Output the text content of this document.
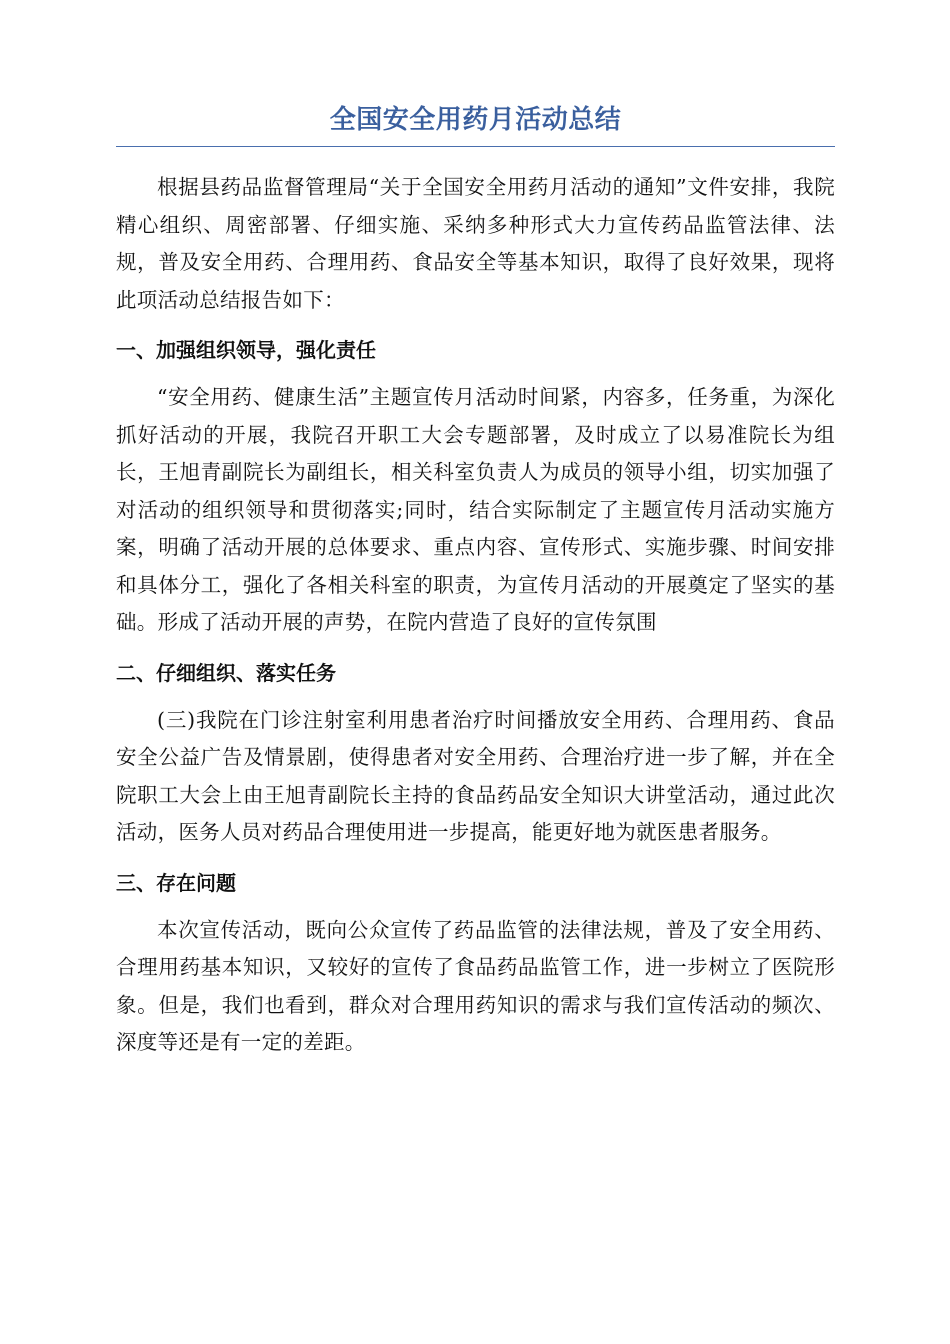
全国安全用药月活动总结

根据县药品监督管理局“关于全国安全用药月活动的通知”文件安排，我院精心组织、周密部署、仔细实施、采纳多种形式大力宣传药品监管法律、法规，普及安全用药、合理用药、食品安全等基本知识，取得了良好效果，现将此项活动总结报告如下：

一、加强组织领导，强化责任

“安全用药、健康生活”主题宣传月活动时间紧，内容多，任务重，为深化抓好活动的开展，我院召开职工大会专题部署，及时成立了以易准院长为组长，王旭青副院长为副组长，相关科室负责人为成员的领导小组，切实加强了对活动的组织领导和贯彻落实;同时，结合实际制定了主题宣传月活动实施方案，明确了活动开展的总体要求、重点内容、宣传形式、实施步骤、时间安排和具体分工，强化了各相关科室的职责，为宣传月活动的开展奠定了坚实的基础。形成了活动开展的声势，在院内营造了良好的宣传氛围

二、仔细组织、落实任务

(三)我院在门诊注射室利用患者治疗时间播放安全用药、合理用药、食品安全公益广告及情景剧，使得患者对安全用药、合理治疗进一步了解，并在全院职工大会上由王旭青副院长主持的食品药品安全知识大讲堂活动，通过此次活动，医务人员对药品合理使用进一步提高，能更好地为就医患者服务。

三、存在问题

本次宣传活动，既向公众宣传了药品监管的法律法规，普及了安全用药、合理用药基本知识，又较好的宣传了食品药品监管工作，进一步树立了医院形象。但是，我们也看到，群众对合理用药知识的需求与我们宣传活动的频次、深度等还是有一定的差距。
